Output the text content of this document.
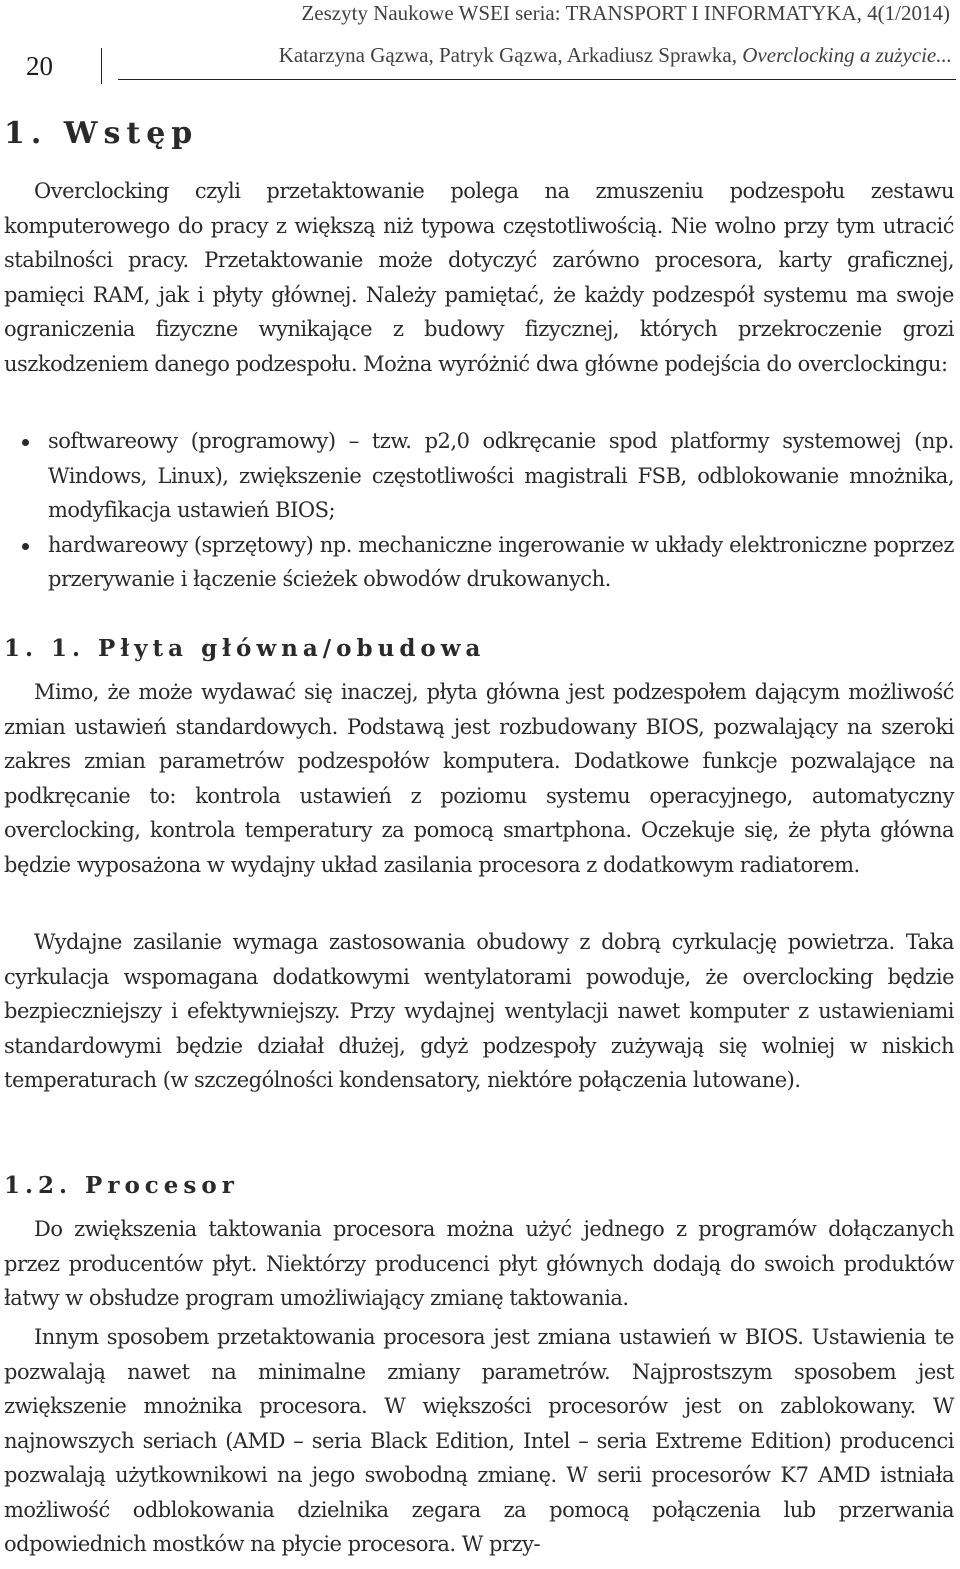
20
Zeszyty Naukowe WSEI seria: TRANSPORT I INFORMATYKA, 4(1/2014)
Katarzyna Gązwa, Patryk Gązwa, Arkadiusz Sprawka, Overclocking a zużycie...
1. Wstęp

Overclocking czyli przetaktowanie polega na zmuszeniu podzespołu zestawu komputerowego do pracy z większą niż typowa częstotliwością. Nie wolno przy tym utracić stabilności pracy. Przetaktowanie może dotyczyć zarówno procesora, karty graficznej, pamięci RAM, jak i płyty głównej. Należy pamiętać, że każdy podzespół systemu ma swoje ograniczenia fizyczne wynikające z budowy fizycznej, których przekroczenie grozi uszkodzeniem danego podzespołu. Można wyróżnić dwa główne podejścia do overclockingu:

softwareowy (programowy) – tzw. p2,0 odkręcanie spod platformy systemowej (np. Windows, Linux), zwiększenie częstotliwości magistrali FSB, odblokowanie mnożnika, modyfikacja ustawień BIOS;
hardwareowy (sprzętowy) np. mechaniczne ingerowanie w układy elektroniczne poprzez przerywanie i łączenie ścieżek obwodów drukowanych.
1. 1. Płyta główna/obudowa

Mimo, że może wydawać się inaczej, płyta główna jest podzespołem dającym możliwość zmian ustawień standardowych. Podstawą jest rozbudowany BIOS, pozwalający na szeroki zakres zmian parametrów podzespołów komputera. Dodatkowe funkcje pozwalające na podkręcanie to: kontrola ustawień z poziomu systemu operacyjnego, automatyczny overclocking, kontrola temperatury za pomocą smartphona. Oczekuje się, że płyta główna będzie wyposażona w wydajny układ zasilania procesora z dodatkowym radiatorem.

Wydajne zasilanie wymaga zastosowania obudowy z dobrą cyrkulację powietrza. Taka cyrkulacja wspomagana dodatkowymi wentylatorami powoduje, że overclocking będzie bezpieczniejszy i efektywniejszy. Przy wydajnej wentylacji nawet komputer z ustawieniami standardowymi będzie działał dłużej, gdyż podzespoły zużywają się wolniej w niskich temperaturach (w szczególności kondensatory, niektóre połączenia lutowane).

1.2. Procesor

Do zwiększenia taktowania procesora można użyć jednego z programów dołączanych przez producentów płyt. Niektórzy producenci płyt głównych dodają do swoich produktów łatwy w obsłudze program umożliwiający zmianę taktowania.

Innym sposobem przetaktowania procesora jest zmiana ustawień w BIOS. Ustawienia te pozwalają nawet na minimalne zmiany parametrów. Najprostszym sposobem jest zwiększenie mnożnika procesora. W większości procesorów jest on zablokowany. W najnowszych seriach (AMD – seria Black Edition, Intel – seria Extreme Edition) producenci pozwalają użytkownikowi na jego swobodną zmianę. W serii procesorów K7 AMD istniała możliwość odblokowania dzielnika zegara za pomocą połączenia lub przerwania odpowiednich mostków na płycie procesora. W przy-
